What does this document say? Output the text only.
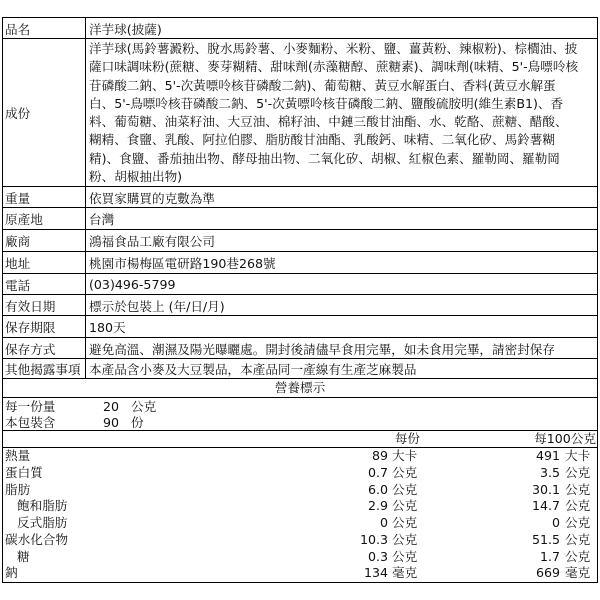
品名	洋芋球(披薩)
成份
洋芋球(馬鈴薯澱粉、脫水馬鈴薯、小麥麵粉、米粉、鹽、薑黃粉、辣椒粉)、棕櫚油、披
薩口味調味粉(蔗糖、麥芽糊精、甜味劑(赤藻糖醇、蔗糖素)、調味劑(味精、5'-鳥嘌呤核
苷磷酸二鈉、5'-次黃嘌呤核苷磷酸二鈉)、葡萄糖、黃豆水解蛋白、香料(黃豆水解蛋
白、5'-鳥嘌呤核苷磷酸二鈉、5'-次黃嘌呤核苷磷酸二鈉、鹽酸硫胺明(維生素B1)、香
料、葡萄糖、油菜籽油、大豆油、棉籽油、中鏈三酸甘油酯、水、乾酪、蔗糖、醋酸、
糊精、食鹽、乳酸、阿拉伯膠、脂肪酸甘油酯、乳酸鈣、味精、二氧化矽、馬鈴薯糊
精)、食鹽、番茄抽出物、酵母抽出物、二氧化矽、胡椒、紅椒色素、羅勒岡、羅勒岡
粉、胡椒抽出物)
重量	依買家購買的克數為準
原產地	台灣
廠商	鴻福食品工廠有限公司
地址	桃園市楊梅區電研路190巷268號
電話	(03)496-5799
有效日期	標示於包裝上 (年/日/月)
保存期限	180天
保存方式	避免高溫、潮濕及陽光曝曬處。開封後請儘早食用完畢，如未食用完畢，請密封保存
其他揭露事項 本產品含小麥及大豆製品，本產品同一產線有生產芝麻製品
營養標示
每一份量	20 公克
本包裝含	90 份
每份	每100公克
熱量	89 大卡	491 大卡
蛋白質	0.7 公克	3.5 公克
脂肪	6.0 公克	30.1 公克
飽和脂肪	2.9 公克	14.7 公克
反式脂肪	0 公克	0 公克
碳水化合物	10.3 公克	51.5 公克
糖	0.3 公克	1.7 公克
鈉	134 毫克	669 毫克
